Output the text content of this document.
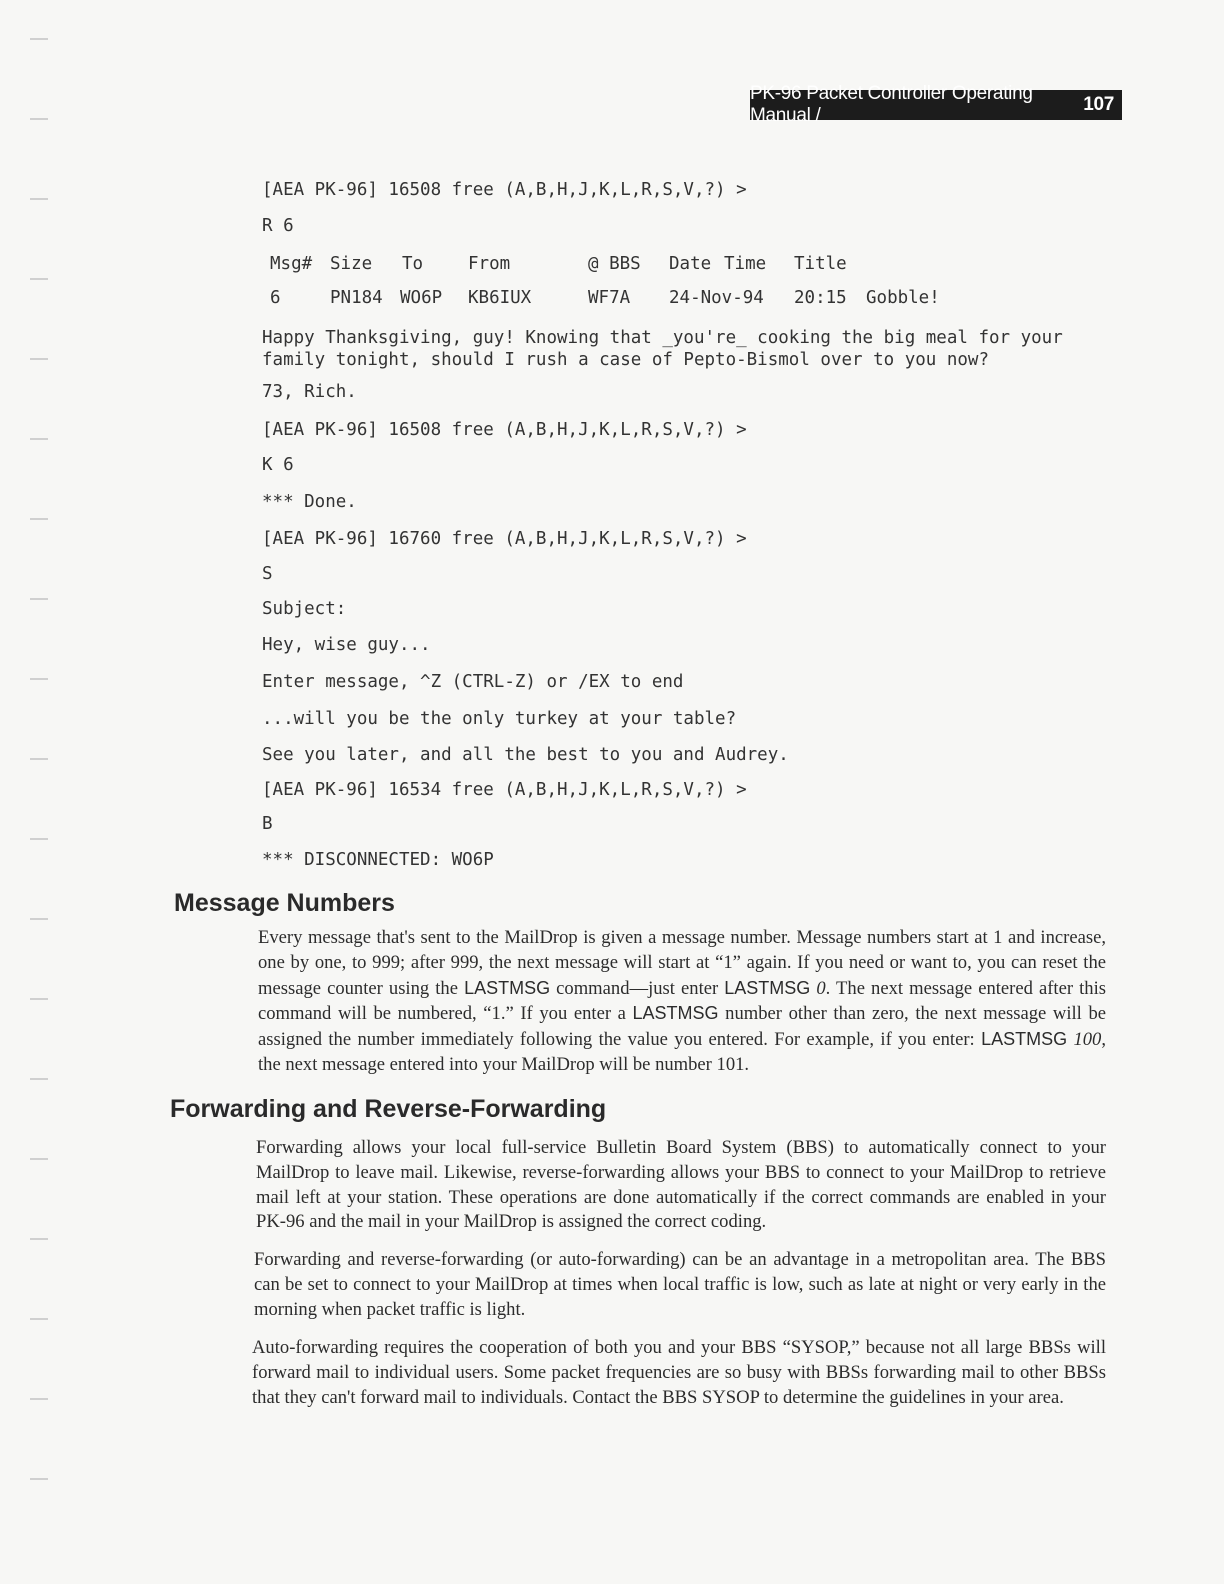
PK-96 Packet Controller Operating Manual /
107
[AEA PK-96] 16508 free (A,B,H,J,K,L,R,S,V,?) >
R 6
Msg# Size To	From	@ BBS Date Time Title
6	PN184 WO6P KB6IUX	WF7A 24-Nov-94 20:15 Gobble!
Happy Thanksgiving, guy! Knowing that _you're_ cooking the big meal for your
family tonight, should I rush a case of Pepto-Bismol over to you now?
73, Rich.
[AEA PK-96] 16508 free (A,B,H,J,K,L,R,S,V,?) >
K 6
*** Done.
[AEA PK-96] 16760 free (A,B,H,J,K,L,R,S,V,?) >
S
Subject:
Hey, wise guy...
Enter message, ^Z (CTRL-Z) or /EX to end
...will you be the only turkey at your table?
See you later, and all the best to you and Audrey.
[AEA PK-96] 16534 free (A,B,H,J,K,L,R,S,V,?) >
B
*** DISCONNECTED: WO6P
Message Numbers

Every message that's sent to the MailDrop is given a message number. Message numbers start at 1 and increase, one by one, to 999; after 999, the next message will start at “1” again. If you need or want to, you can reset the message counter using the LASTMSG command—just enter LASTMSG 0. The next message entered after this command will be numbered, “1.” If you enter a LASTMSG number other than zero, the next message will be assigned the number immediately following the value you entered. For example, if you enter: LASTMSG 100, the next message entered into your MailDrop will be number 101.

Forwarding and Reverse-Forwarding

Forwarding allows your local full-service Bulletin Board System (BBS) to automatically connect to your MailDrop to leave mail. Likewise, reverse-forwarding allows your BBS to connect to your MailDrop to retrieve mail left at your station. These operations are done automatically if the correct commands are enabled in your PK-96 and the mail in your MailDrop is assigned the correct coding.

Forwarding and reverse-forwarding (or auto-forwarding) can be an advantage in a metropolitan area. The BBS can be set to connect to your MailDrop at times when local traffic is low, such as late at night or very early in the morning when packet traffic is light.

Auto-forwarding requires the cooperation of both you and your BBS “SYSOP,” because not all large BBSs will forward mail to individual users. Some packet frequencies are so busy with BBSs forwarding mail to other BBSs that they can't forward mail to individuals. Contact the BBS SYSOP to determine the guidelines in your area.
